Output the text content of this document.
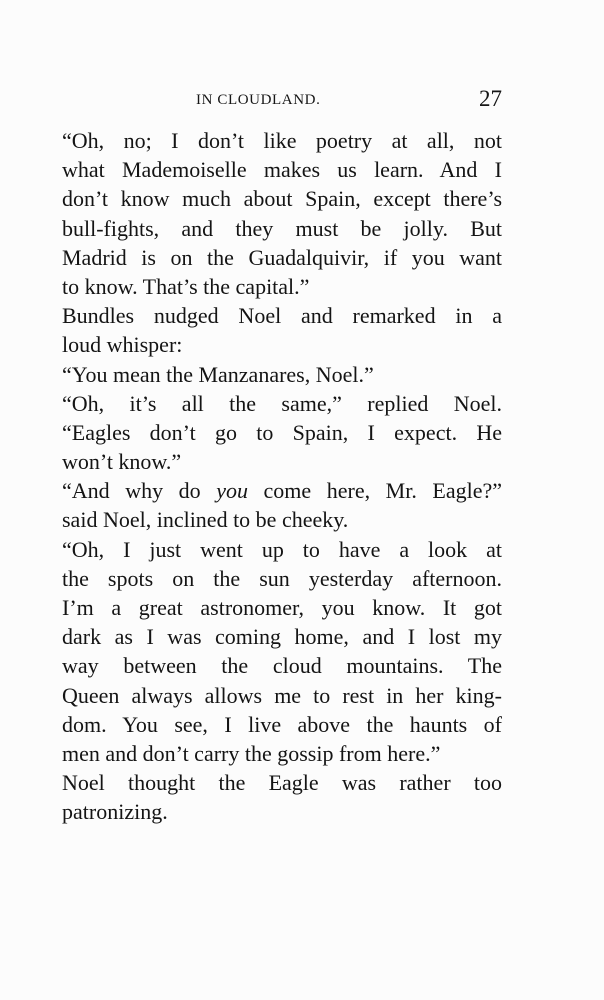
IN CLOUDLAND.	27
“Oh, no; I don’t like poetry at all, not
what Mademoiselle makes us learn. And I
don’t know much about Spain, except there’s
bull-fights, and they must be jolly. But
Madrid is on the Guadalquivir, if you want
to know. That’s the capital.”
Bundles nudged Noel and remarked in a
loud whisper:
“You mean the Manzanares, Noel.”
“Oh, it’s all the same,” replied Noel.
“Eagles don’t go to Spain, I expect. He
won’t know.”
“And why do you come here, Mr. Eagle?”
said Noel, inclined to be cheeky.
“Oh, I just went up to have a look at
the spots on the sun yesterday afternoon.
I’m a great astronomer, you know. It got
dark as I was coming home, and I lost my
way between the cloud mountains. The
Queen always allows me to rest in her king-
dom. You see, I live above the haunts of
men and don’t carry the gossip from here.”
Noel thought the Eagle was rather too
patronizing.
